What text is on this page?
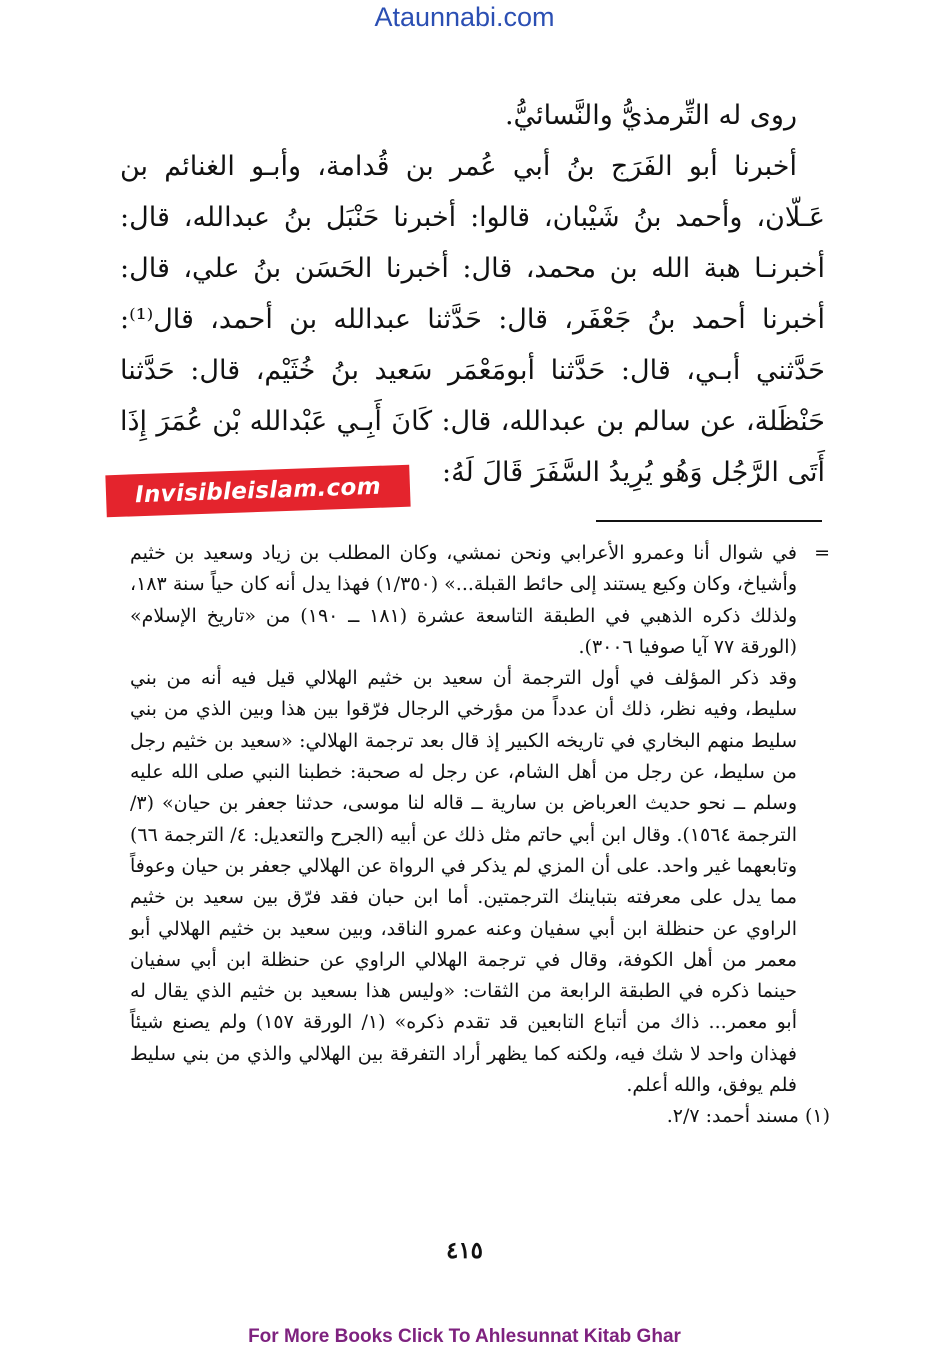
Ataunnabi.com

روى له التِّرمذيُّ والنَّسائيُّ.

أخبرنا أبو الفَرَج بنُ أبي عُمر بن قُدامة، وأبـو الغنائم بن عَـلّان، وأحمد بنُ شَيْبان، قالوا: أخبرنا حَنْبَل بنُ عبدالله، قال: أخبرنـا هبة الله بن محمد، قال: أخبرنا الحَسَن بنُ علي، قال: أخبرنا أحمد بنُ جَعْفَر، قال: حَدَّثنا عبدالله بن أحمد، قال⁽¹⁾: حَدَّثني أبـي، قال: حَدَّثنا أبومَعْمَر سَعيد بنُ خُثَيْم، قال: حَدَّثنا حَنْظَلة، عن سالم بن عبدالله، قال: كَانَ أَبِـي عَبْدالله بْن عُمَرَ إِذَا أَتَى الرَّجُل وَهُو يُرِيدُ السَّفَرَ قَالَ لَهُ:

Invisibleislam.com

=
في شوال أنا وعمرو الأعرابي ونحن نمشي، وكان المطلب بن زياد وسعيد بن خثيم وأشياخ، وكان وكيع يستند إلى حائط القبلة...» (١/٣٥٠) فهذا يدل أنه كان حياً سنة ١٨٣، ولذلك ذكره الذهبي في الطبقة التاسعة عشرة (١٨١ ــ ١٩٠) من «تاريخ الإسلام» (الورقة ٧٧ آيا صوفيا ٣٠٠٦).

وقد ذكر المؤلف في أول الترجمة أن سعيد بن خثيم الهلالي قيل فيه أنه من بني سليط، وفيه نظر، ذلك أن عدداً من مؤرخي الرجال فرّقوا بين هذا وبين الذي من بني سليط منهم البخاري في تاريخه الكبير إذ قال بعد ترجمة الهلالي: «سعيد بن خثيم رجل من سليط، عن رجل من أهل الشام، عن رجل له صحبة: خطبنا النبي صلى الله عليه وسلم ــ نحو حديث العرباض بن سارية ــ قاله لنا موسى، حدثنا جعفر بن حيان» (٣/ الترجمة ١٥٦٤). وقال ابن أبي حاتم مثل ذلك عن أبيه (الجرح والتعديل: ٤/ الترجمة ٦٦) وتابعهما غير واحد. على أن المزي لم يذكر في الرواة عن الهلالي جعفر بن حيان وعوفاً مما يدل على معرفته بتباينك الترجمتين. أما ابن حبان فقد فرّق بين سعيد بن خثيم الراوي عن حنظلة ابن أبي سفيان وعنه عمرو الناقد، وبين سعيد بن خثيم الهلالي أبو معمر من أهل الكوفة، وقال في ترجمة الهلالي الراوي عن حنظلة ابن أبي سفيان حينما ذكره في الطبقة الرابعة من الثقات: «وليس هذا بسعيد بن خثيم الذي يقال له أبو معمر... ذاك من أتباع التابعين قد تقدم ذكره» (١/ الورقة ١٥٧) ولم يصنع شيئاً فهذان واحد لا شك فيه، ولكنه كما يظهر أراد التفرقة بين الهلالي والذي من بني سليط فلم يوفق، والله أعلم.

(١) مسند أحمد: ٢/٧.

٤١٥
For More Books Click To Ahlesunnat Kitab Ghar
